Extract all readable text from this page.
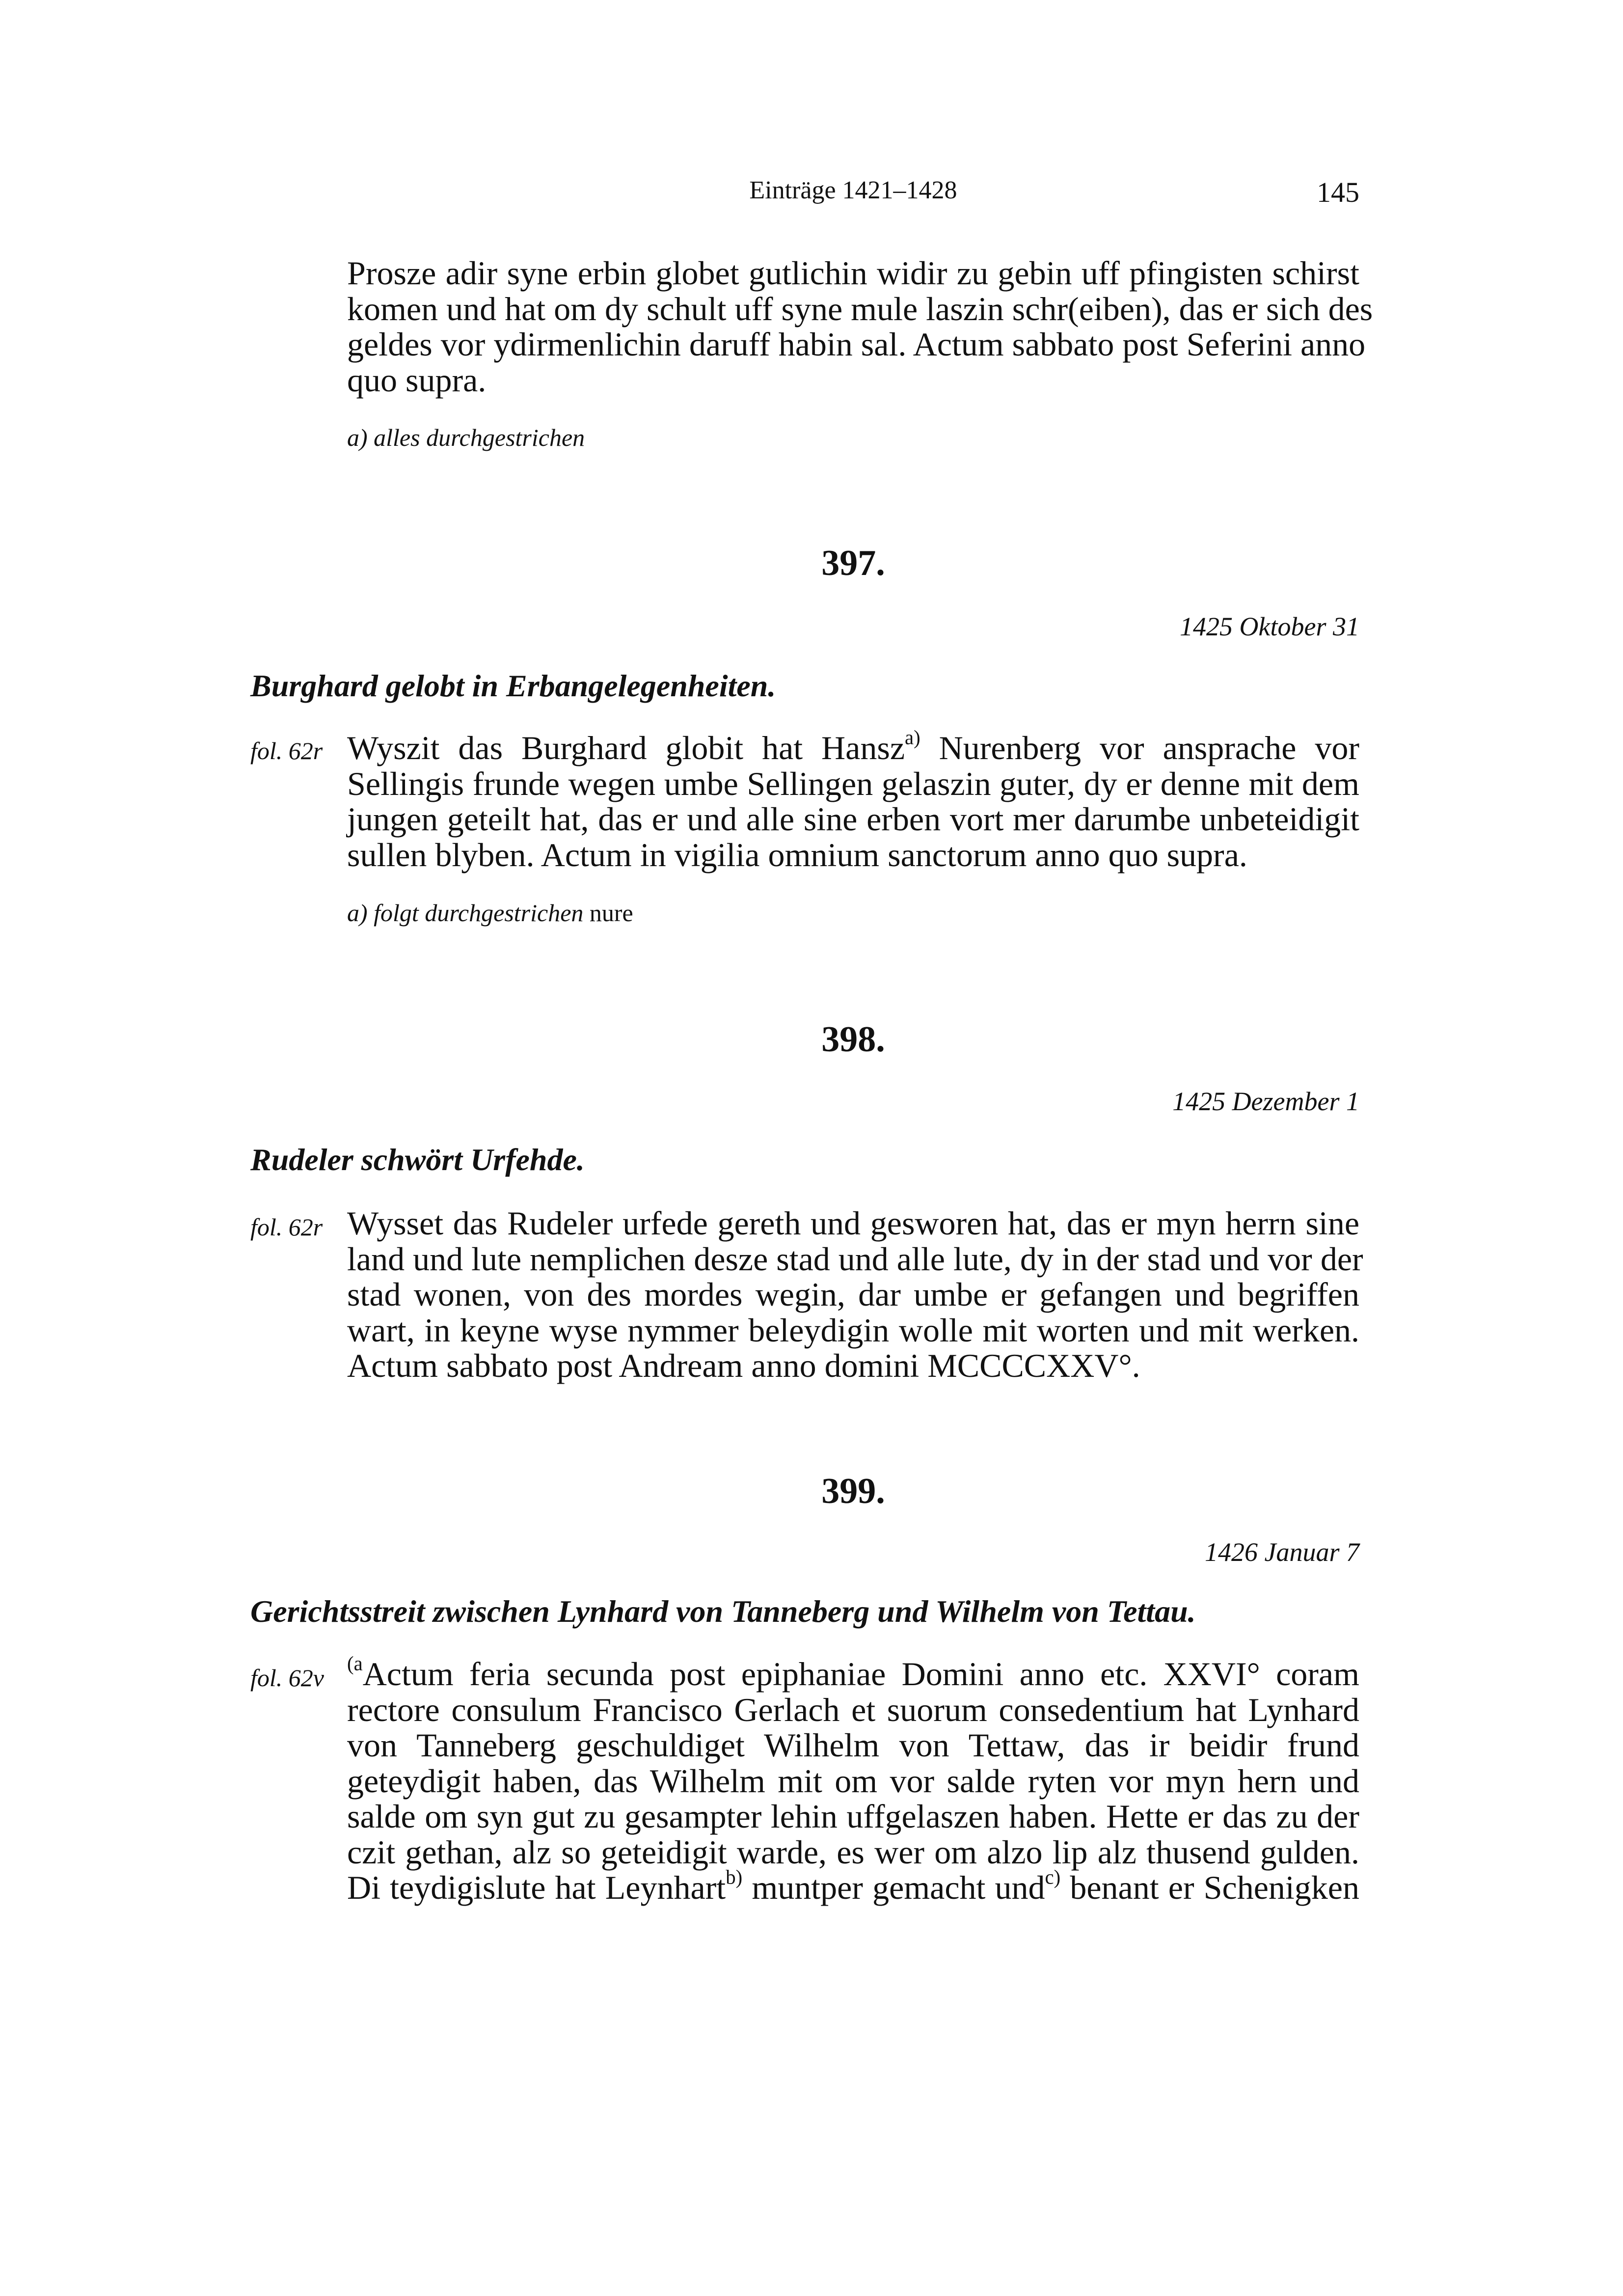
Einträge 1421–1428	145
Prosze adir syne erbin globet gutlichin widir zu gebin uff pfingisten schirst
komen und hat om dy schult uff syne mule laszin schr(eiben), das er sich des
geldes vor ydirmenlichin daruff habin sal. Actum sabbato post Seferini anno
quo supra.
a) alles durchgestrichen
397.
1425 Oktober 31
Burghard gelobt in Erbangelegenheiten.
fol. 62r Wyszit das Burghard globit hat Hansz$^{a)}$ Nurenberg vor ansprache vor
Sellingis frunde wegen umbe Sellingen gelaszin guter, dy er denne mit dem
jungen geteilt hat, das er und alle sine erben vort mer darumbe unbeteidigit
sullen blyben. Actum in vigilia omnium sanctorum anno quo supra.
a) folgt durchgestrichen nure
398.
1425 Dezember 1
Rudeler schwört Urfehde.
fol. 62r Wysset das Rudeler urfede gereth und gesworen hat, das er myn herrn sine
land und lute nemplichen desze stad und alle lute, dy in der stad und vor der
stad wonen, von des mordes wegin, dar umbe er gefangen und begriffen
wart, in keyne wyse nymmer beleydigin wolle mit worten und mit werken.
Actum sabbato post Andream anno domini MCCCCXXV°.
399.
1426 Januar 7
Gerichtsstreit zwischen Lynhard von Tanneberg und Wilhelm von Tettau.
fol. 62v
$^{(a}$Actum feria secunda post epiphaniae Domini anno etc. XXVI° coram
rectore consulum Francisco Gerlach et suorum consedentium hat Lynhard
von Tanneberg geschuldiget Wilhelm von Tettaw, das ir beidir frund
geteydigit haben, das Wilhelm mit om vor salde ryten vor myn hern und
salde om syn gut zu gesampter lehin uffgelaszen haben. Hette er das zu der
czit gethan, alz so geteidigit warde, es wer om alzo lip alz thusend gulden.
Di teydigislute hat Leynhart$^{b)}$ muntper gemacht und$^{c)}$ benant er Schenigken
